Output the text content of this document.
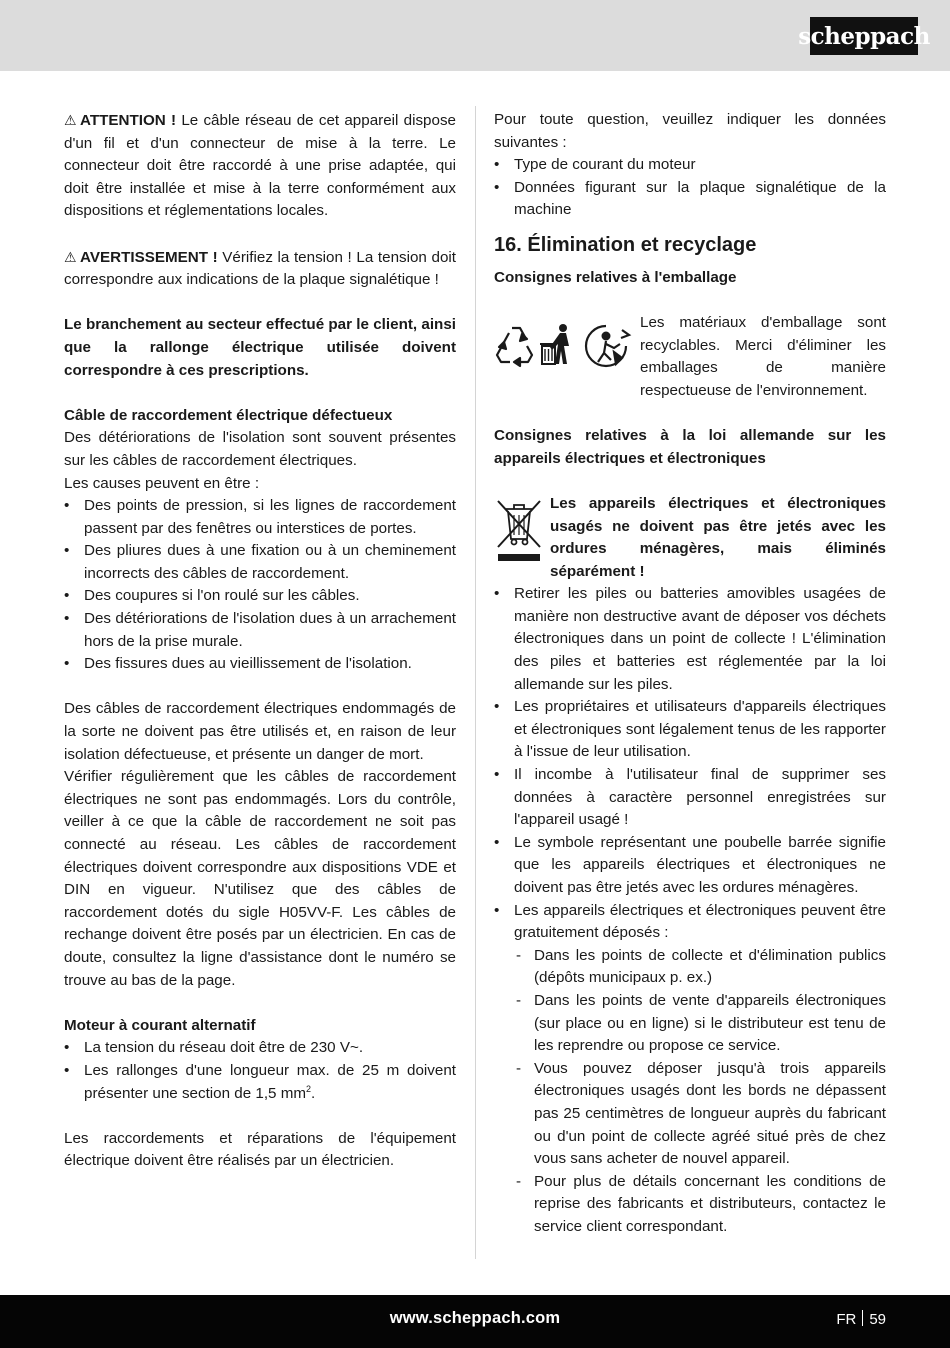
scheppach

⚠ ATTENTION ! Le câble réseau de cet appareil dispose d'un fil et d'un connecteur de mise à la terre. Le connecteur doit être raccordé à une prise adaptée, qui doit être installée et mise à la terre conformément aux dispositions et réglementations locales.

⚠ AVERTISSEMENT ! Vérifiez la tension ! La tension doit correspondre aux indications de la plaque signalétique !

Le branchement au secteur effectué par le client, ainsi que la rallonge électrique utilisée doivent correspondre à ces prescriptions.

Câble de raccordement électrique défectueux

Des détériorations de l'isolation sont souvent présentes sur les câbles de raccordement électriques.

Les causes peuvent en être :

• Des points de pression, si les lignes de raccordement passent par des fenêtres ou interstices de portes.
• Des pliures dues à une fixation ou à un cheminement incorrects des câbles de raccordement.
• Des coupures si l'on roulé sur les câbles.
• Des détériorations de l'isolation dues à un arrachement hors de la prise murale.
• Des fissures dues au vieillissement de l'isolation.

Des câbles de raccordement électriques endommagés de la sorte ne doivent pas être utilisés et, en raison de leur isolation défectueuse, et présente un danger de mort.

Vérifier régulièrement que les câbles de raccordement électriques ne sont pas endommagés. Lors du contrôle, veiller à ce que la câble de raccordement ne soit pas connecté au réseau. Les câbles de raccordement électriques doivent correspondre aux dispositions VDE et DIN en vigueur. N'utilisez que des câbles de raccordement dotés du sigle H05VV-F. Les câbles de rechange doivent être posés par un électricien. En cas de doute, consultez la ligne d'assistance dont le numéro se trouve au bas de la page.

Moteur à courant alternatif

• La tension du réseau doit être de 230 V~.
• Les rallonges d'une longueur max. de 25 m doivent présenter une section de 1,5 $mm^2$.

Les raccordements et réparations de l'équipement électrique doivent être réalisés par un électricien.

Pour toute question, veuillez indiquer les données suivantes :

• Type de courant du moteur
• Données figurant sur la plaque signalétique de la machine
16. Élimination et recyclage

Consignes relatives à l'emballage

Les matériaux d'emballage sont recyclables. Merci d'éliminer les emballages de manière respectueuse de l'environnement.

Consignes relatives à la loi allemande sur les appareils électriques et électroniques

Les appareils électriques et électroniques usagés ne doivent pas être jetés avec les ordures ménagères, mais éliminés séparément !

• Retirer les piles ou batteries amovibles usagées de manière non destructive avant de déposer vos déchets électroniques dans un point de collecte ! L'élimination des piles et batteries est réglementée par la loi allemande sur les piles.
• Les propriétaires et utilisateurs d'appareils électriques et électroniques sont légalement tenus de les rapporter à l'issue de leur utilisation.
• Il incombe à l'utilisateur final de supprimer ses données à caractère personnel enregistrées sur l'appareil usagé !
• Le symbole représentant une poubelle barrée signifie que les appareils électriques et électroniques ne doivent pas être jetés avec les ordures ménagères.
• Les appareils électriques et électroniques peuvent être gratuitement déposés :
- Dans les points de collecte et d'élimination publics (dépôts municipaux p. ex.)
- Dans les points de vente d'appareils électroniques (sur place ou en ligne) si le distributeur est tenu de les reprendre ou propose ce service.
- Vous pouvez déposer jusqu'à trois appareils électroniques usagés dont les bords ne dépassent pas 25 centimètres de longueur auprès du fabricant ou d'un point de collecte agréé situé près de chez vous sans acheter de nouvel appareil.
- Pour plus de détails concernant les conditions de reprise des fabricants et distributeurs, contactez le service client correspondant.
www.scheppach.com	FR 59
